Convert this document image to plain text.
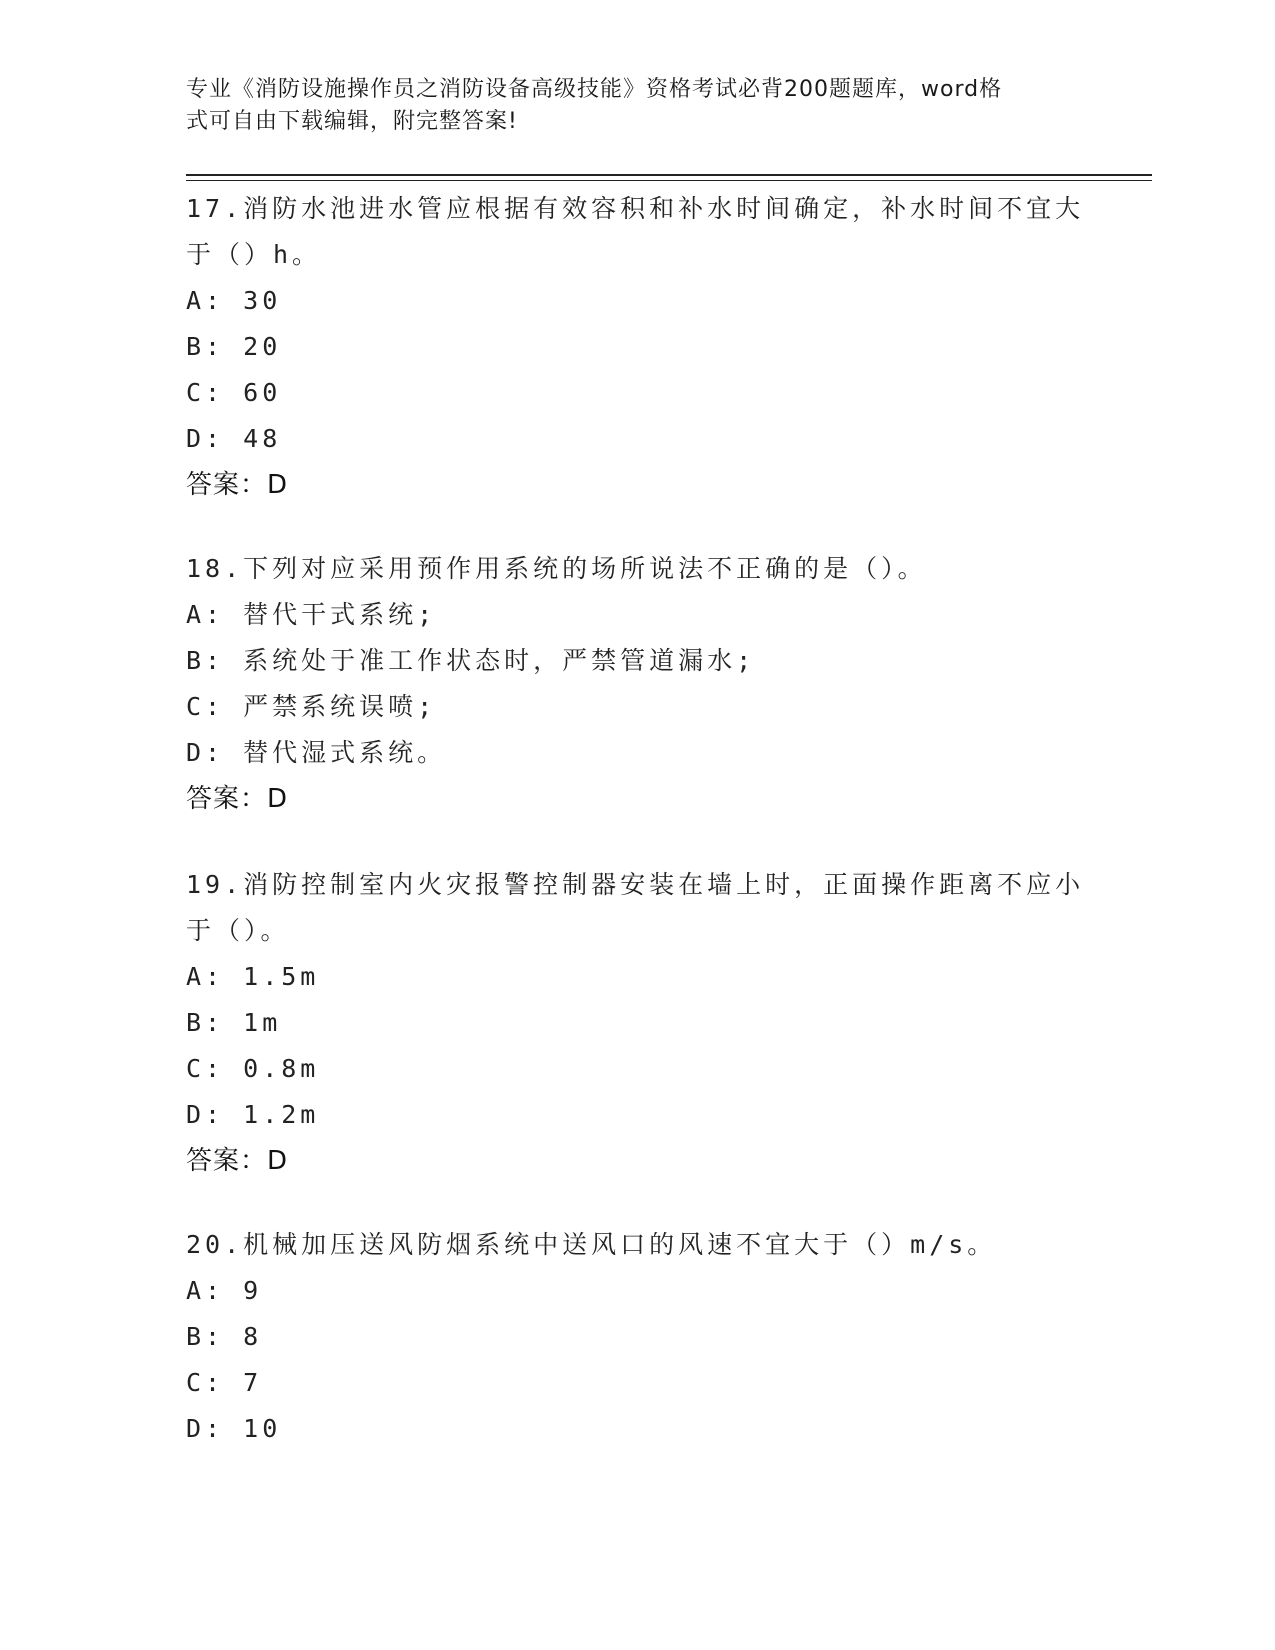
专业《消防设施操作员之消防设备高级技能》资格考试必背200题题库，word格
式可自由下载编辑，附完整答案!
17.消防水池进水管应根据有效容积和补水时间确定，补水时间不宜大
于（）h。
A: 30
B: 20
C: 60
D: 48
答案：D
18.下列对应采用预作用系统的场所说法不正确的是（）。
A: 替代干式系统;
B: 系统处于准工作状态时，严禁管道漏水;
C: 严禁系统误喷;
D: 替代湿式系统。
答案：D
19.消防控制室内火灾报警控制器安装在墙上时，正面操作距离不应小
于（）。
A: 1.5m
B: 1m
C: 0.8m
D: 1.2m
答案：D
20.机械加压送风防烟系统中送风口的风速不宜大于（）m/s。
A: 9
B: 8
C: 7
D: 10
